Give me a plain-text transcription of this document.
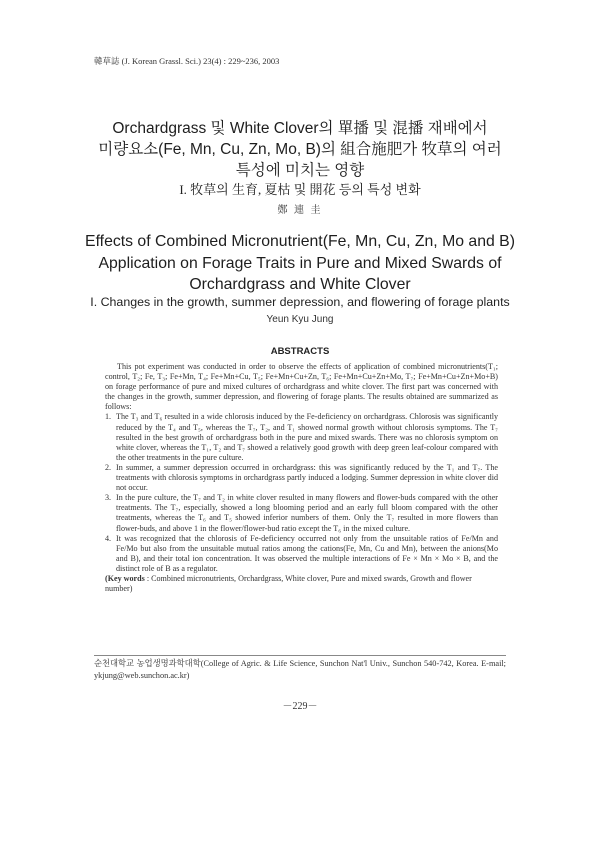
韓草誌 (J. Korean Grassl. Sci.) 23(4) : 229~236, 2003
Orchardgrass 및 White Clover의 單播 및 混播 재배에서
미량요소(Fe, Mn, Cu, Zn, Mo, B)의 組合施肥가 牧草의 여러
특성에 미치는 영향
I. 牧草의 生育, 夏枯 및 開花 등의 특성 변화
鄭 連 圭
Effects of Combined Micronutrient(Fe, Mn, Cu, Zn, Mo and B)
Application on Forage Traits in Pure and Mixed Swards of
Orchardgrass and White Clover
I. Changes in the growth, summer depression, and flowering of forage plants
Yeun Kyu Jung
ABSTRACTS

This pot experiment was conducted in order to observe the effects of application of combined micronutrients(T₁; control, T₂; Fe, T₃; Fe+Mn, T₄; Fe+Mn+Cu, T₅; Fe+Mn+Cu+Zn, T₆; Fe+Mn+Cu+Zn+Mo, T₇; Fe+Mn+Cu+Zn+Mo+B) on forage performance of pure and mixed cultures of orchardgrass and white clover. The first part was concerned with the changes in the growth, summer depression, and flowering of forage plants. The results obtained are summarized as follows:

1. The T₃ and T₆ resulted in a wide chlorosis induced by the Fe-deficiency on orchardgrass. Chlorosis was significantly reduced by the T₄ and T₅, whereas the T₇, T₂, and T₁ showed normal growth without chlorosis symptoms. The T₇ resulted in the best growth of orchardgrass both in the pure and mixed swards. There was no chlorosis symptom on white clover, whereas the T₁, T₂ and T₇ showed a relatively good growth with deep green leaf-colour compared with the other treatments in the pure culture.
2. In summer, a summer depression occurred in orchardgrass: this was significantly reduced by the T₁ and T₇. The treatments with chlorosis symptoms in orchardgrass partly induced a lodging. Summer depression in white clover did not occur.
3. In the pure culture, the T₇ and T₂ in white clover resulted in many flowers and flower-buds compared with the other treatments. The T₇, especially, showed a long blooming period and an early full bloom compared with the other treatments, whereas the T₆ and T₅ showed inferior numbers of them. Only the T₇ resulted in more flowers than flower-buds, and above 1 in the flower/flower-bud ratio except the T₆ in the mixed culture.
4. It was recognized that the chlorosis of Fe-deficiency occurred not only from the unsuitable ratios of Fe/Mn and Fe/Mo but also from the unsuitable mutual ratios among the cations(Fe, Mn, Cu and Mn), between the anions(Mo and B), and their total ion concentration. It was observed the multiple interactions of Fe × Mn × Mo × B, and the distinct role of B as a regulator.
(Key words : Combined micronutrients, Orchardgrass, White clover, Pure and mixed swards, Growth and flower number)
순천대학교 농업생명과학대학(College of Agric. & Life Science, Sunchon Nat'l Univ., Sunchon 540-742, Korea. E-mail; ykjung@web.sunchon.ac.kr)
－229－
